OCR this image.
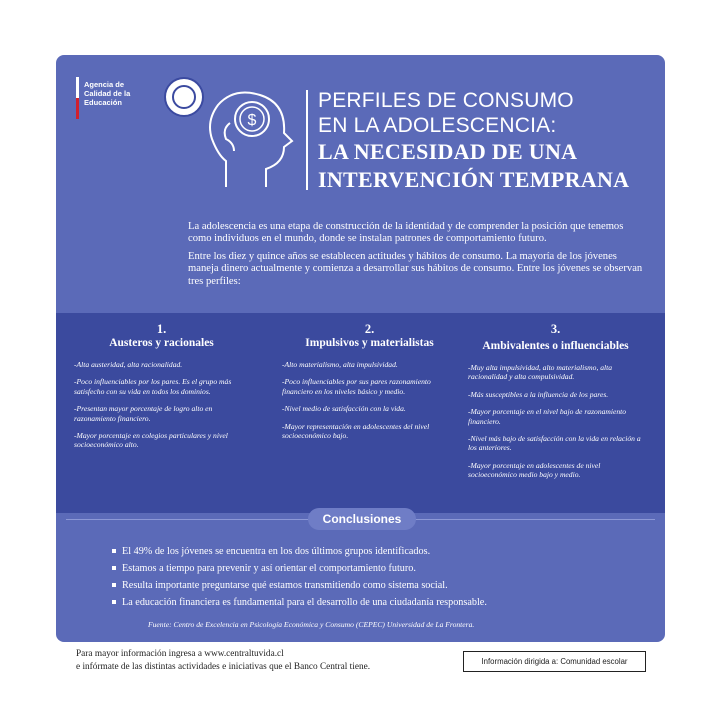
Agencia de
Calidad de la
Educación
$
PERFILES DE CONSUMO
EN LA ADOLESCENCIA:
LA NECESIDAD DE UNA
INTERVENCIÓN TEMPRANA

La adolescencia es una etapa de construcción de la identidad y de comprender la posición que tenemos como individuos en el mundo, donde se instalan patrones de comportamiento futuro.

Entre los diez y quince años se establecen actitudes y hábitos de consumo. La mayoría de los jóvenes maneja dinero actualmente y comienza a desarrollar sus hábitos de consumo. Entre los jóvenes se observan tres perfiles:

1.
Austeros y racionales
-Alta austeridad, alta racionalidad.
-Poco influenciables por los pares. Es el grupo más satisfecho con su vida en todos los dominios.
-Presentan mayor porcentaje de logro alto en razonamiento financiero.
-Mayor porcentaje en colegios particulares y nivel socioeconómico alto.
2.
Impulsivos y materialistas
-Alto materialismo, alta impulsividad.
-Poco influenciables por sus pares razonamiento financiero en los niveles básico y medio.
-Nivel medio de satisfacción con la vida.
-Mayor representación en adolescentes del nivel socioeconómico bajo.
3.
Ambivalentes o influenciables
-Muy alta impulsividad, alto materialismo, alta racionalidad y alta compulsividad.
-Más susceptibles a la influencia de los pares.
-Mayor porcentaje en el nivel bajo de razonamiento financiero.
-Nivel más bajo de satisfacción con la vida en relación a los anteriores.
-Mayor porcentaje en adolescentes de nivel socioeconómico medio bajo y medio.
Conclusiones
El 49% de los jóvenes se encuentra en los dos últimos grupos identificados.
Estamos a tiempo para prevenir y así orientar el comportamiento futuro.
Resulta importante preguntarse qué estamos transmitiendo como sistema social.
La educación financiera es fundamental para el desarrollo de una ciudadanía responsable.
Fuente: Centro de Excelencia en Psicología Económica y Consumo (CEPEC) Universidad de La Frontera.
Para mayor información ingresa a www.centraltuvida.cl
e infórmate de las distintas actividades e iniciativas que el Banco Central tiene.	Información dirigida a: Comunidad escolar
